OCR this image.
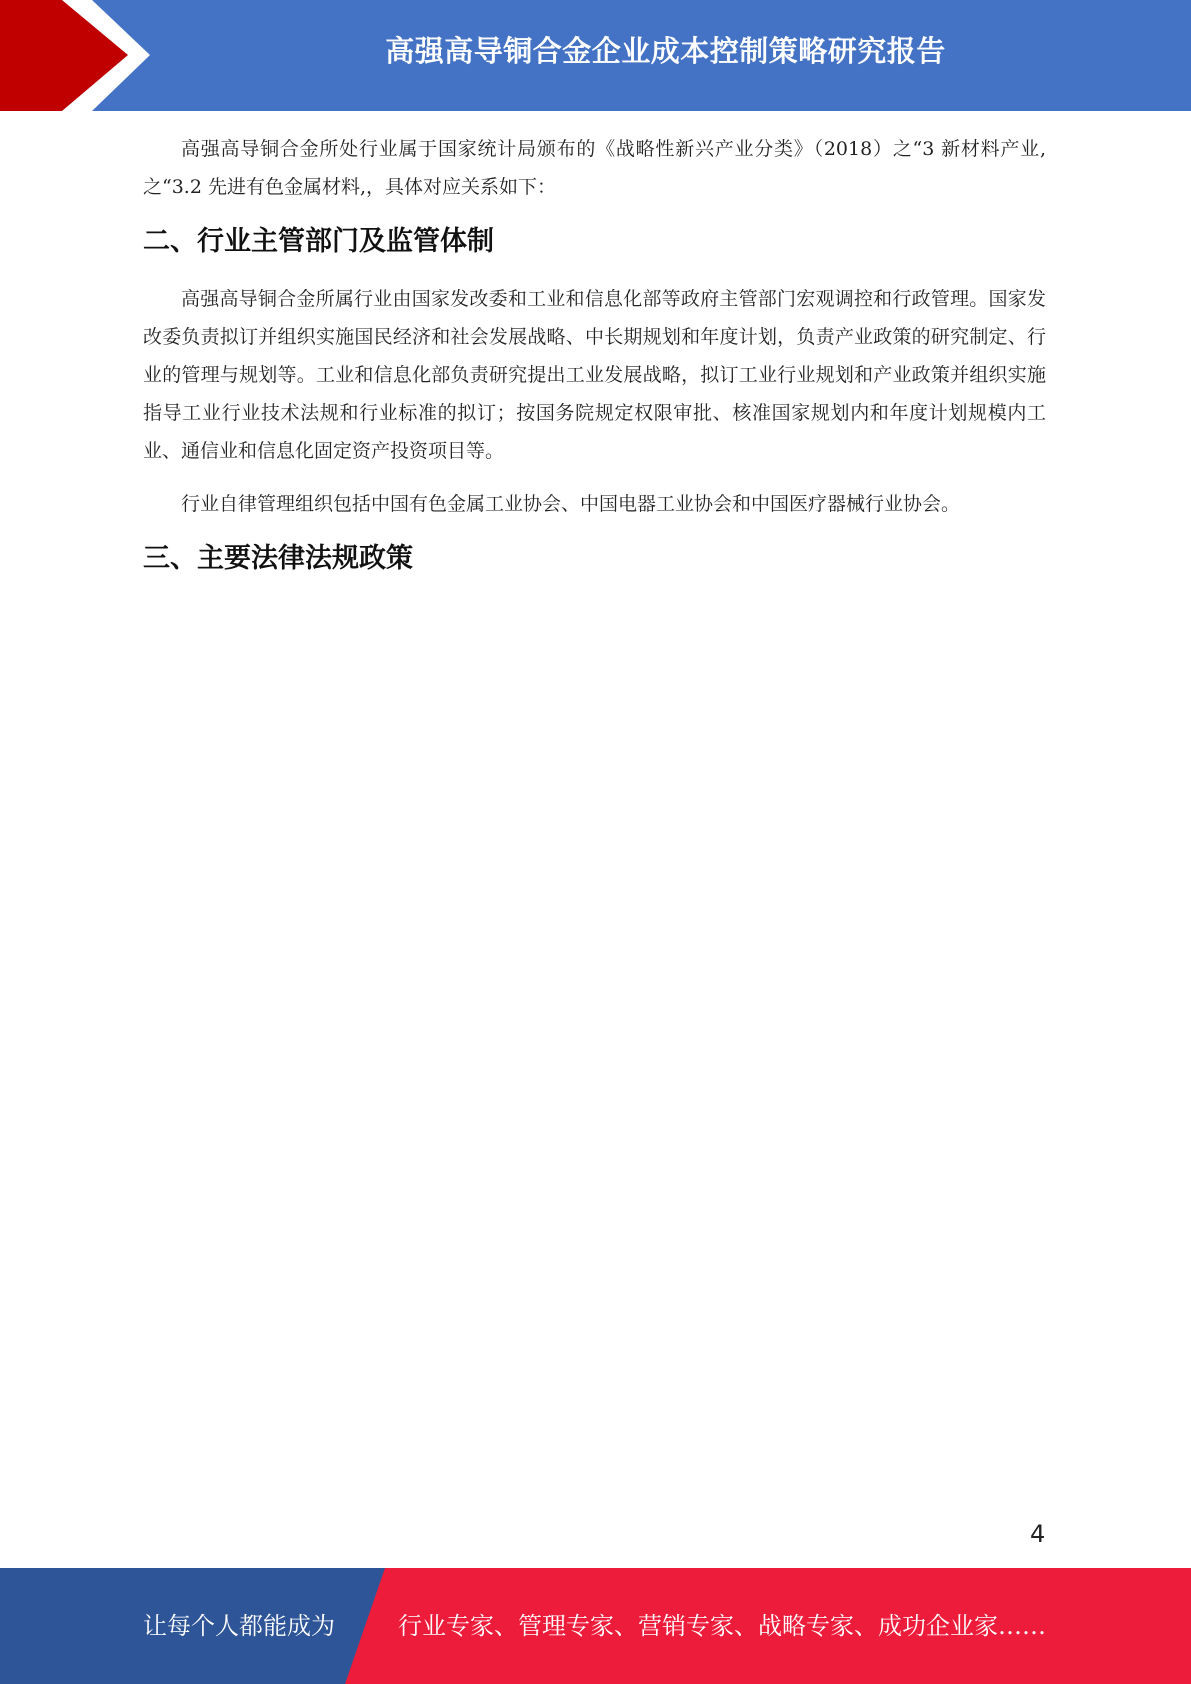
高强高导铜合金企业成本控制策略研究报告

高强高导铜合金所处行业属于国家统计局颁布的《战略性新兴产业分类》（2018）之“3 新材料产业,之“3.2 先进有色金属材料,，具体对应关系如下：

二、行业主管部门及监管体制

高强高导铜合金所属行业由国家发改委和工业和信息化部等政府主管部门宏观调控和行政管理。国家发改委负责拟订并组织实施国民经济和社会发展战略、中长期规划和年度计划，负责产业政策的研究制定、行业的管理与规划等。工业和信息化部负责研究提出工业发展战略，拟订工业行业规划和产业政策并组织实施指导工业行业技术法规和行业标准的拟订；按国务院规定权限审批、核准国家规划内和年度计划规模内工业、通信业和信息化固定资产投资项目等。

行业自律管理组织包括中国有色金属工业协会、中国电器工业协会和中国医疗器械行业协会。

三、主要法律法规政策
4
让每个人都能成为	行业专家、管理专家、营销专家、战略专家、成功企业家……
